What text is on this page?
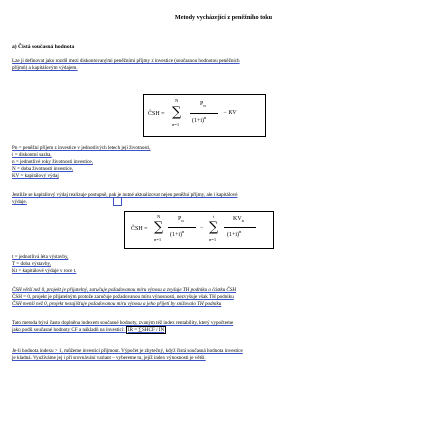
Metody vycházející z peněžního toku
a) Čistá současná hodnota
Lze ji definovat jako rozdíl mezi diskontovanými peněžními příjmy z investice (současnou hodnotou peněžních
příjmů) a kapitálovým výdajem.
ČSH =
N
∑
n=1
$P_n$
$(1+i)^n$
− KV
Pn = peněžní příjem z investice v jednotlivých letech její životnosti,
i = diskontní sazba,
n = jednotlivé roky životnosti investice,
N = doba životnosti investice,
KV = kapitálový výdaj
Jestliže se kapitálový výdaj realizuje postupně, pak je nutné aktualizovat nejen peněžní příjmy, ale i kapitálové
výdaje.
ČSH =
N
∑
n=1
$P_n$
$(1+i)^n$
−
t
∑
n=1
$KV_n$
$(1+i)^n$
t = jednotlivá léta výstavby,
T = doba výstavby,
Kt = kapitálové výdaje v roce t.
ČSH větší než 0, projekt je přijatelný, zaručuje požadovanou míru výnosu a zvyšuje TH podniku o částku ČSH
ČSH = 0, projekt je přijatelným protože zaručuje požadovanou míru výnosnosti, nezvyšuje však TH podniku
ČSH menší než 0, projekt nezajišťuje požadovanou míru výnosu a jeho přijetí by snižovalo TH podniku
Tato metoda bývá často doplněna indexem současné hodnoty, zvaným též index rentability, který vypočteme
jako podíl současné hodnoty CF a nákladů na investici: IR = ∑SHCF / IN
Je-li hodnota indexu > 1, můžeme investici přijmout. Výpočet je zbytečný, když čistá současná hodnota investice
je kladná. Využíváme jej i při srovnávání variant – vybereme tu, jejíž index výnosnosti je větší.
